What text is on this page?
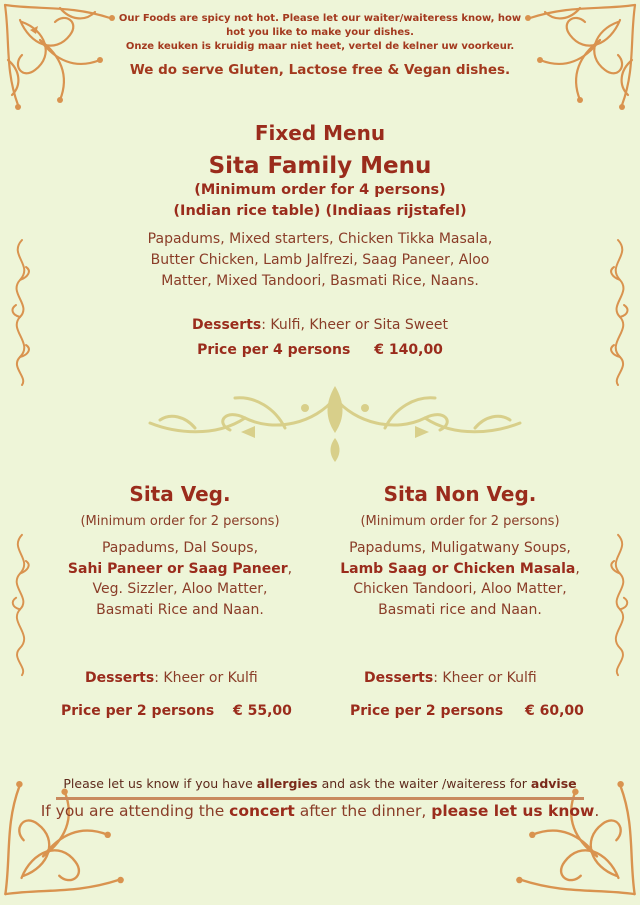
Our Foods are spicy not hot. Please let our waiter/waiteress know, how
hot you like to make your dishes.
Onze keuken is kruidig maar niet heet, vertel de kelner uw voorkeur.
We do serve Gluten, Lactose free & Vegan dishes.
Fixed Menu
Sita Family Menu
(Minimum order for 4 persons)
(Indian rice table) (Indiaas rijstafel)
Papadums, Mixed starters, Chicken Tikka Masala,
Butter Chicken, Lamb Jalfrezi, Saag Paneer, Aloo
Matter, Mixed Tandoori, Basmati Rice, Naans.
Desserts: Kulfi, Kheer or Sita Sweet
Price per 4 persons € 140,00
Sita Veg.
(Minimum order for 2 persons)
Papadums, Dal Soups,
Sahi Paneer or Saag Paneer,
Veg. Sizzler, Aloo Matter,
Basmati Rice and Naan.
Desserts: Kheer or Kulfi
Price per 2 persons € 55,00
Sita Non Veg.
(Minimum order for 2 persons)
Papadums, Muligatwany Soups,
Lamb Saag or Chicken Masala,
Chicken Tandoori, Aloo Matter,
Basmati rice and Naan.
Desserts: Kheer or Kulfi
Price per 2 persons € 60,00
Please let us know if you have allergies and ask the waiter /waiteress for advise
If you are attending the concert after the dinner, please let us know.
